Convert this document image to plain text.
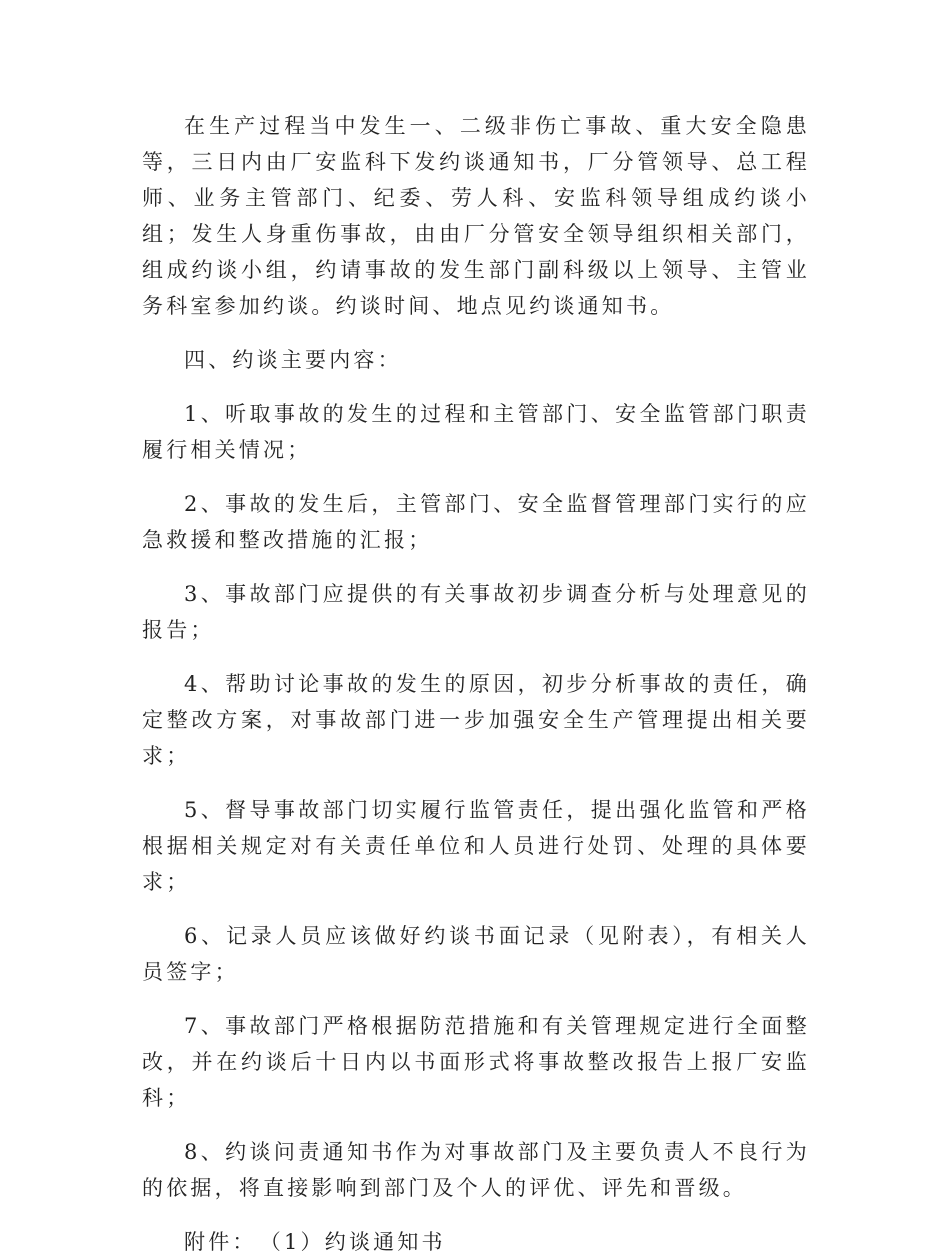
在生产过程当中发生一、二级非伤亡事故、重大安全隐患等，三日内由厂安监科下发约谈通知书，厂分管领导、总工程师、业务主管部门、纪委、劳人科、安监科领导组成约谈小组；发生人身重伤事故，由由厂分管安全领导组织相关部门，组成约谈小组，约请事故的发生部门副科级以上领导、主管业务科室参加约谈。约谈时间、地点见约谈通知书。

四、约谈主要内容：

1、听取事故的发生的过程和主管部门、安全监管部门职责履行相关情况；

2、事故的发生后，主管部门、安全监督管理部门实行的应急救援和整改措施的汇报；

3、事故部门应提供的有关事故初步调查分析与处理意见的报告；

4、帮助讨论事故的发生的原因，初步分析事故的责任，确定整改方案，对事故部门进一步加强安全生产管理提出相关要求；

5、督导事故部门切实履行监管责任，提出强化监管和严格根据相关规定对有关责任单位和人员进行处罚、处理的具体要求；

6、记录人员应该做好约谈书面记录（见附表），有相关人员签字；

7、事故部门严格根据防范措施和有关管理规定进行全面整改，并在约谈后十日内以书面形式将事故整改报告上报厂安监科；

8、约谈问责通知书作为对事故部门及主要负责人不良行为的依据，将直接影响到部门及个人的评优、评先和晋级。

附件：　（1）约谈通知书
